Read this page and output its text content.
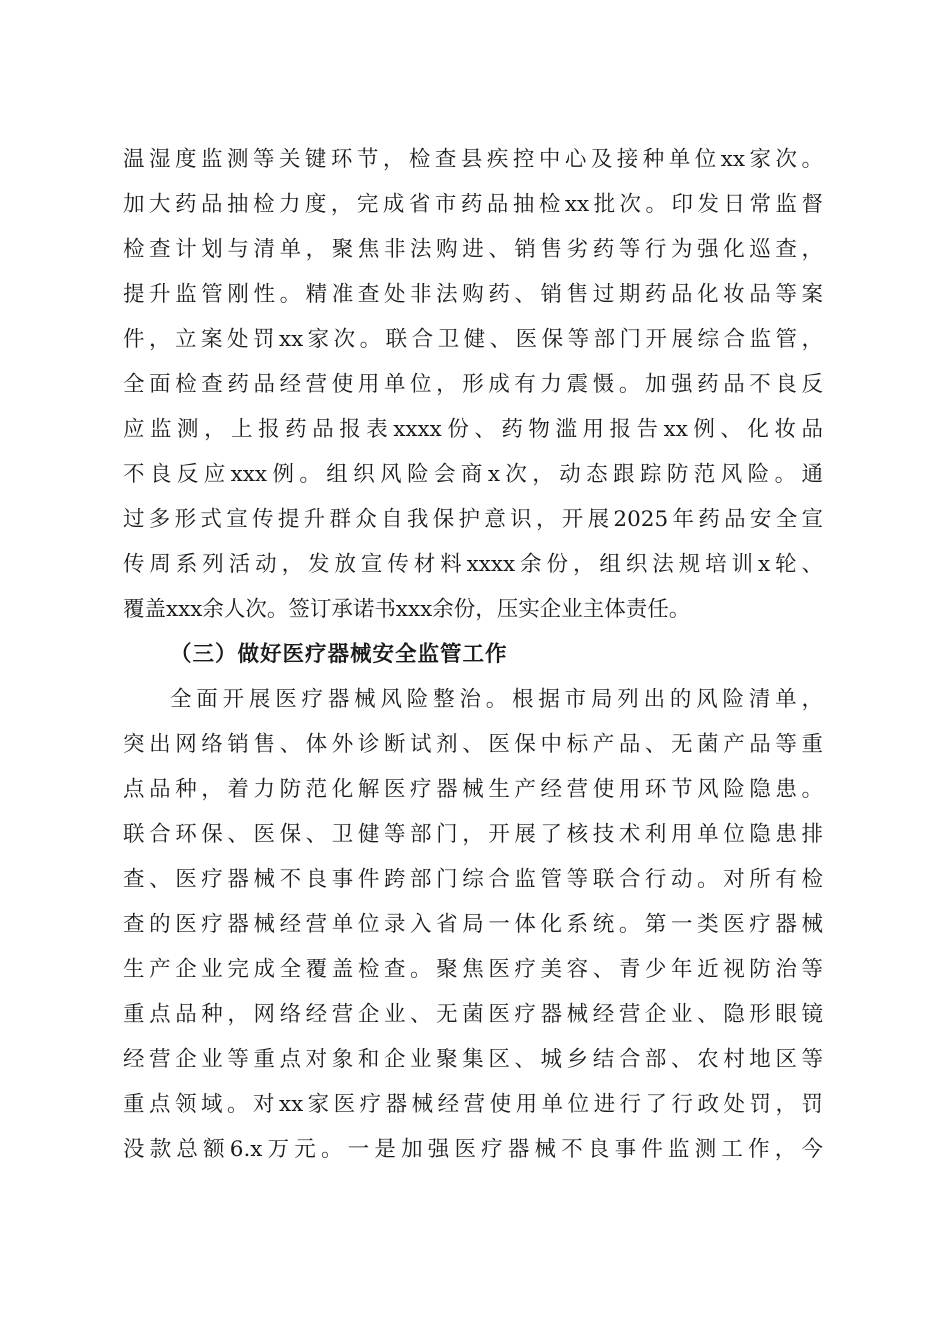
温湿度监测等关键环节，检查县疾控中心及接种单位xx家次。
加大药品抽检力度，完成省市药品抽检xx批次。印发日常监督
检查计划与清单，聚焦非法购进、销售劣药等行为强化巡查，
提升监管刚性。精准查处非法购药、销售过期药品化妆品等案
件，立案处罚xx家次。联合卫健、医保等部门开展综合监管，
全面检查药品经营使用单位，形成有力震慑。加强药品不良反
应监测，上报药品报表xxxx份、药物滥用报告xx例、化妆品
不良反应xxx例。组织风险会商x次，动态跟踪防范风险。通
过多形式宣传提升群众自我保护意识，开展2025年药品安全宣
传周系列活动，发放宣传材料xxxx余份，组织法规培训x轮、
覆盖xxx余人次。签订承诺书xxx余份，压实企业主体责任。
（三）做好医疗器械安全监管工作
全面开展医疗器械风险整治。根据市局列出的风险清单，
突出网络销售、体外诊断试剂、医保中标产品、无菌产品等重
点品种，着力防范化解医疗器械生产经营使用环节风险隐患。
联合环保、医保、卫健等部门，开展了核技术利用单位隐患排
查、医疗器械不良事件跨部门综合监管等联合行动。对所有检
查的医疗器械经营单位录入省局一体化系统。第一类医疗器械
生产企业完成全覆盖检查。聚焦医疗美容、青少年近视防治等
重点品种，网络经营企业、无菌医疗器械经营企业、隐形眼镜
经营企业等重点对象和企业聚集区、城乡结合部、农村地区等
重点领域。对xx家医疗器械经营使用单位进行了行政处罚，罚
没款总额6.x万元。一是加强医疗器械不良事件监测工作，今
